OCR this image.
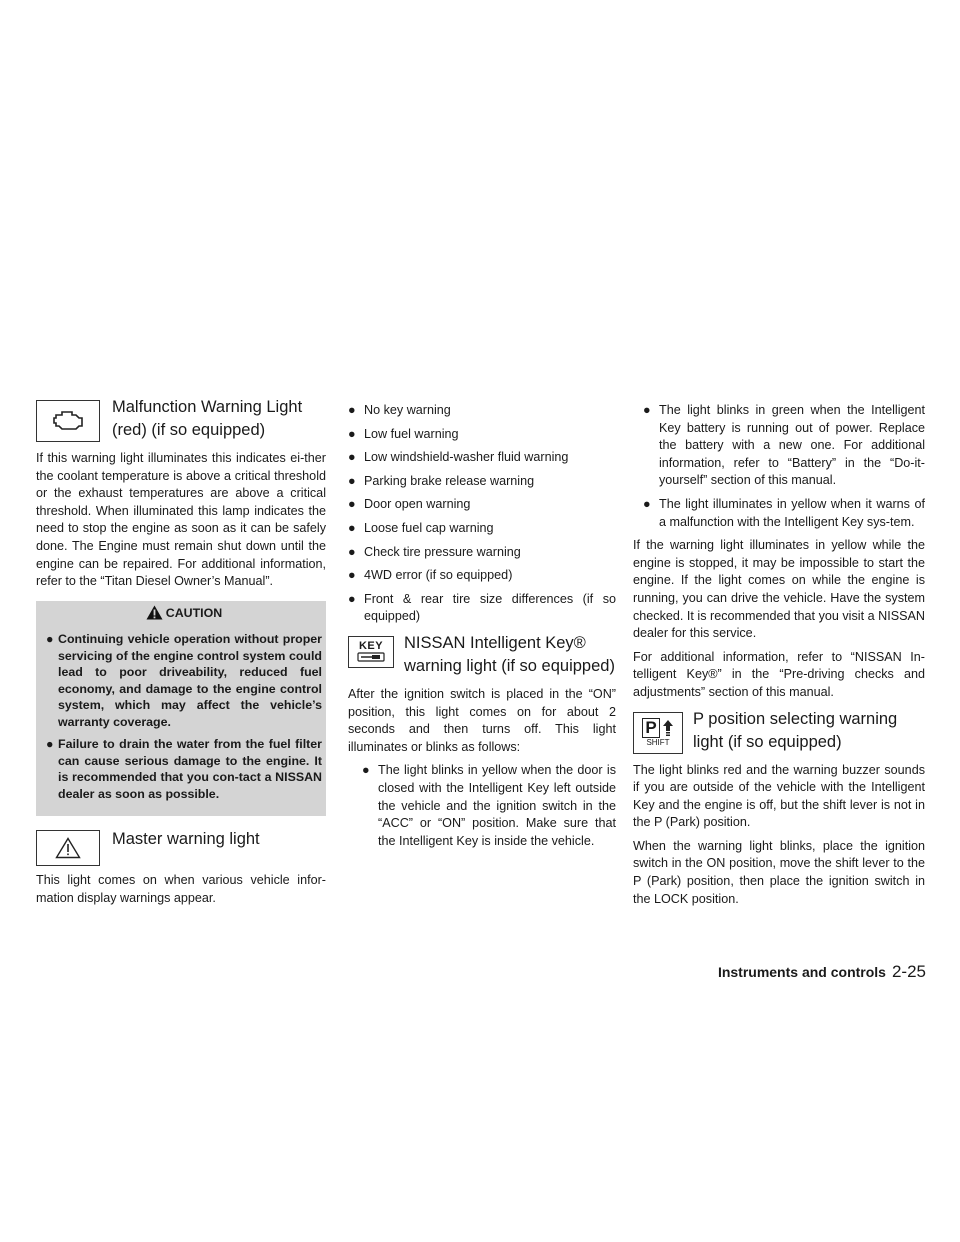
Malfunction Warning Light (red) (if so equipped)

If this warning light illuminates this indicates ei-ther the coolant temperature is above a critical threshold or the exhaust temperatures are above a critical threshold. When illuminated this lamp indicates the need to stop the engine as soon as it can be safely done. The Engine must remain shut down until the engine can be repaired. For additional information, refer to the “Titan Diesel Owner’s Manual”.

CAUTION
● Continuing vehicle operation without proper servicing of the engine control system could lead to poor driveability, reduced fuel economy, and damage to the engine control system, which may affect the vehicle’s warranty coverage.
● Failure to drain the water from the fuel filter can cause serious damage to the engine. It is recommended that you con-tact a NISSAN dealer as soon as possible.
Master warning light

This light comes on when various vehicle infor-mation display warnings appear.

● No key warning
● Low fuel warning
● Low windshield-washer fluid warning
● Parking brake release warning
● Door open warning
● Loose fuel cap warning
● Check tire pressure warning
● 4WD error (if so equipped)
● Front & rear tire size differences (if so equipped)
KEY NISSAN Intelligent Key® warning light (if so equipped)

After the ignition switch is placed in the “ON” position, this light comes on for about 2 seconds and then turns off. This light illuminates or blinks as follows:

● The light blinks in yellow when the door is closed with the Intelligent Key left outside the vehicle and the ignition switch in the “ACC” or “ON” position. Make sure that the Intelligent Key is inside the vehicle.
● The light blinks in green when the Intelligent Key battery is running out of power. Replace the battery with a new one. For additional information, refer to “Battery” in the “Do-it-yourself” section of this manual.
● The light illuminates in yellow when it warns of a malfunction with the Intelligent Key sys-tem.

If the warning light illuminates in yellow while the engine is stopped, it may be impossible to start the engine. If the light comes on while the engine is running, you can drive the vehicle. Have the system checked. It is recommended that you visit a NISSAN dealer for this service.

For additional information, refer to “NISSAN In-telligent Key®” in the “Pre-driving checks and adjustments” section of this manual.

P
SHIFT
P position selecting warning light (if so equipped)

The light blinks red and the warning buzzer sounds if you are outside of the vehicle with the Intelligent Key and the engine is off, but the shift lever is not in the P (Park) position.

When the warning light blinks, place the ignition switch in the ON position, move the shift lever to the P (Park) position, then place the ignition switch in the LOCK position.

Instruments and controls 2-25
